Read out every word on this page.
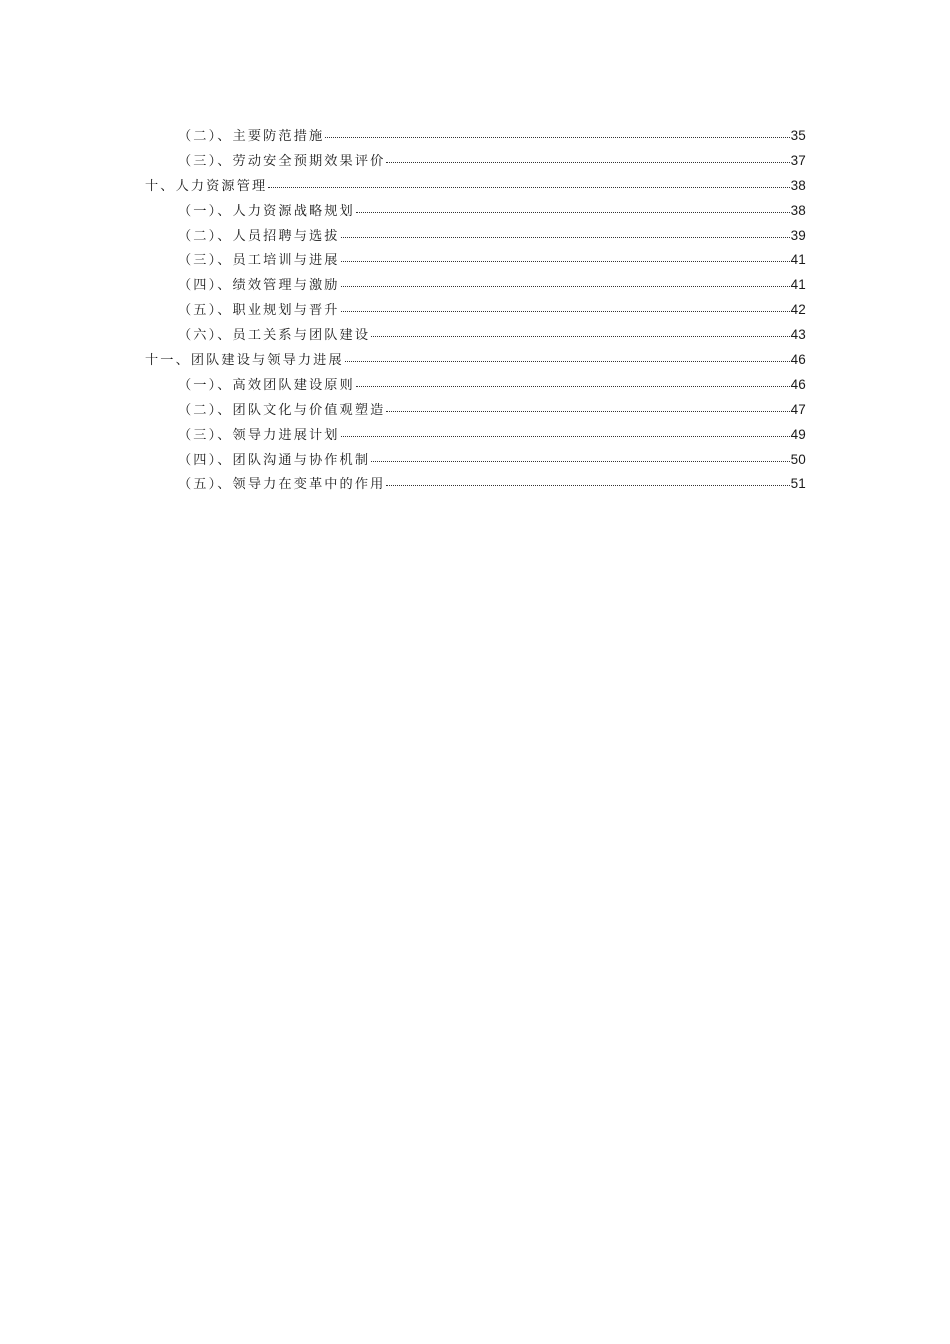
（二）、主要防范措施	35
（三）、劳动安全预期效果评价	37
十、人力资源管理	38
（一）、人力资源战略规划	38
（二）、人员招聘与选拔	39
（三）、员工培训与进展	41
（四）、绩效管理与激励	41
（五）、职业规划与晋升	42
（六）、员工关系与团队建设	43
十一、团队建设与领导力进展	46
（一）、高效团队建设原则	46
（二）、团队文化与价值观塑造	47
（三）、领导力进展计划	49
（四）、团队沟通与协作机制	50
（五）、领导力在变革中的作用	51
